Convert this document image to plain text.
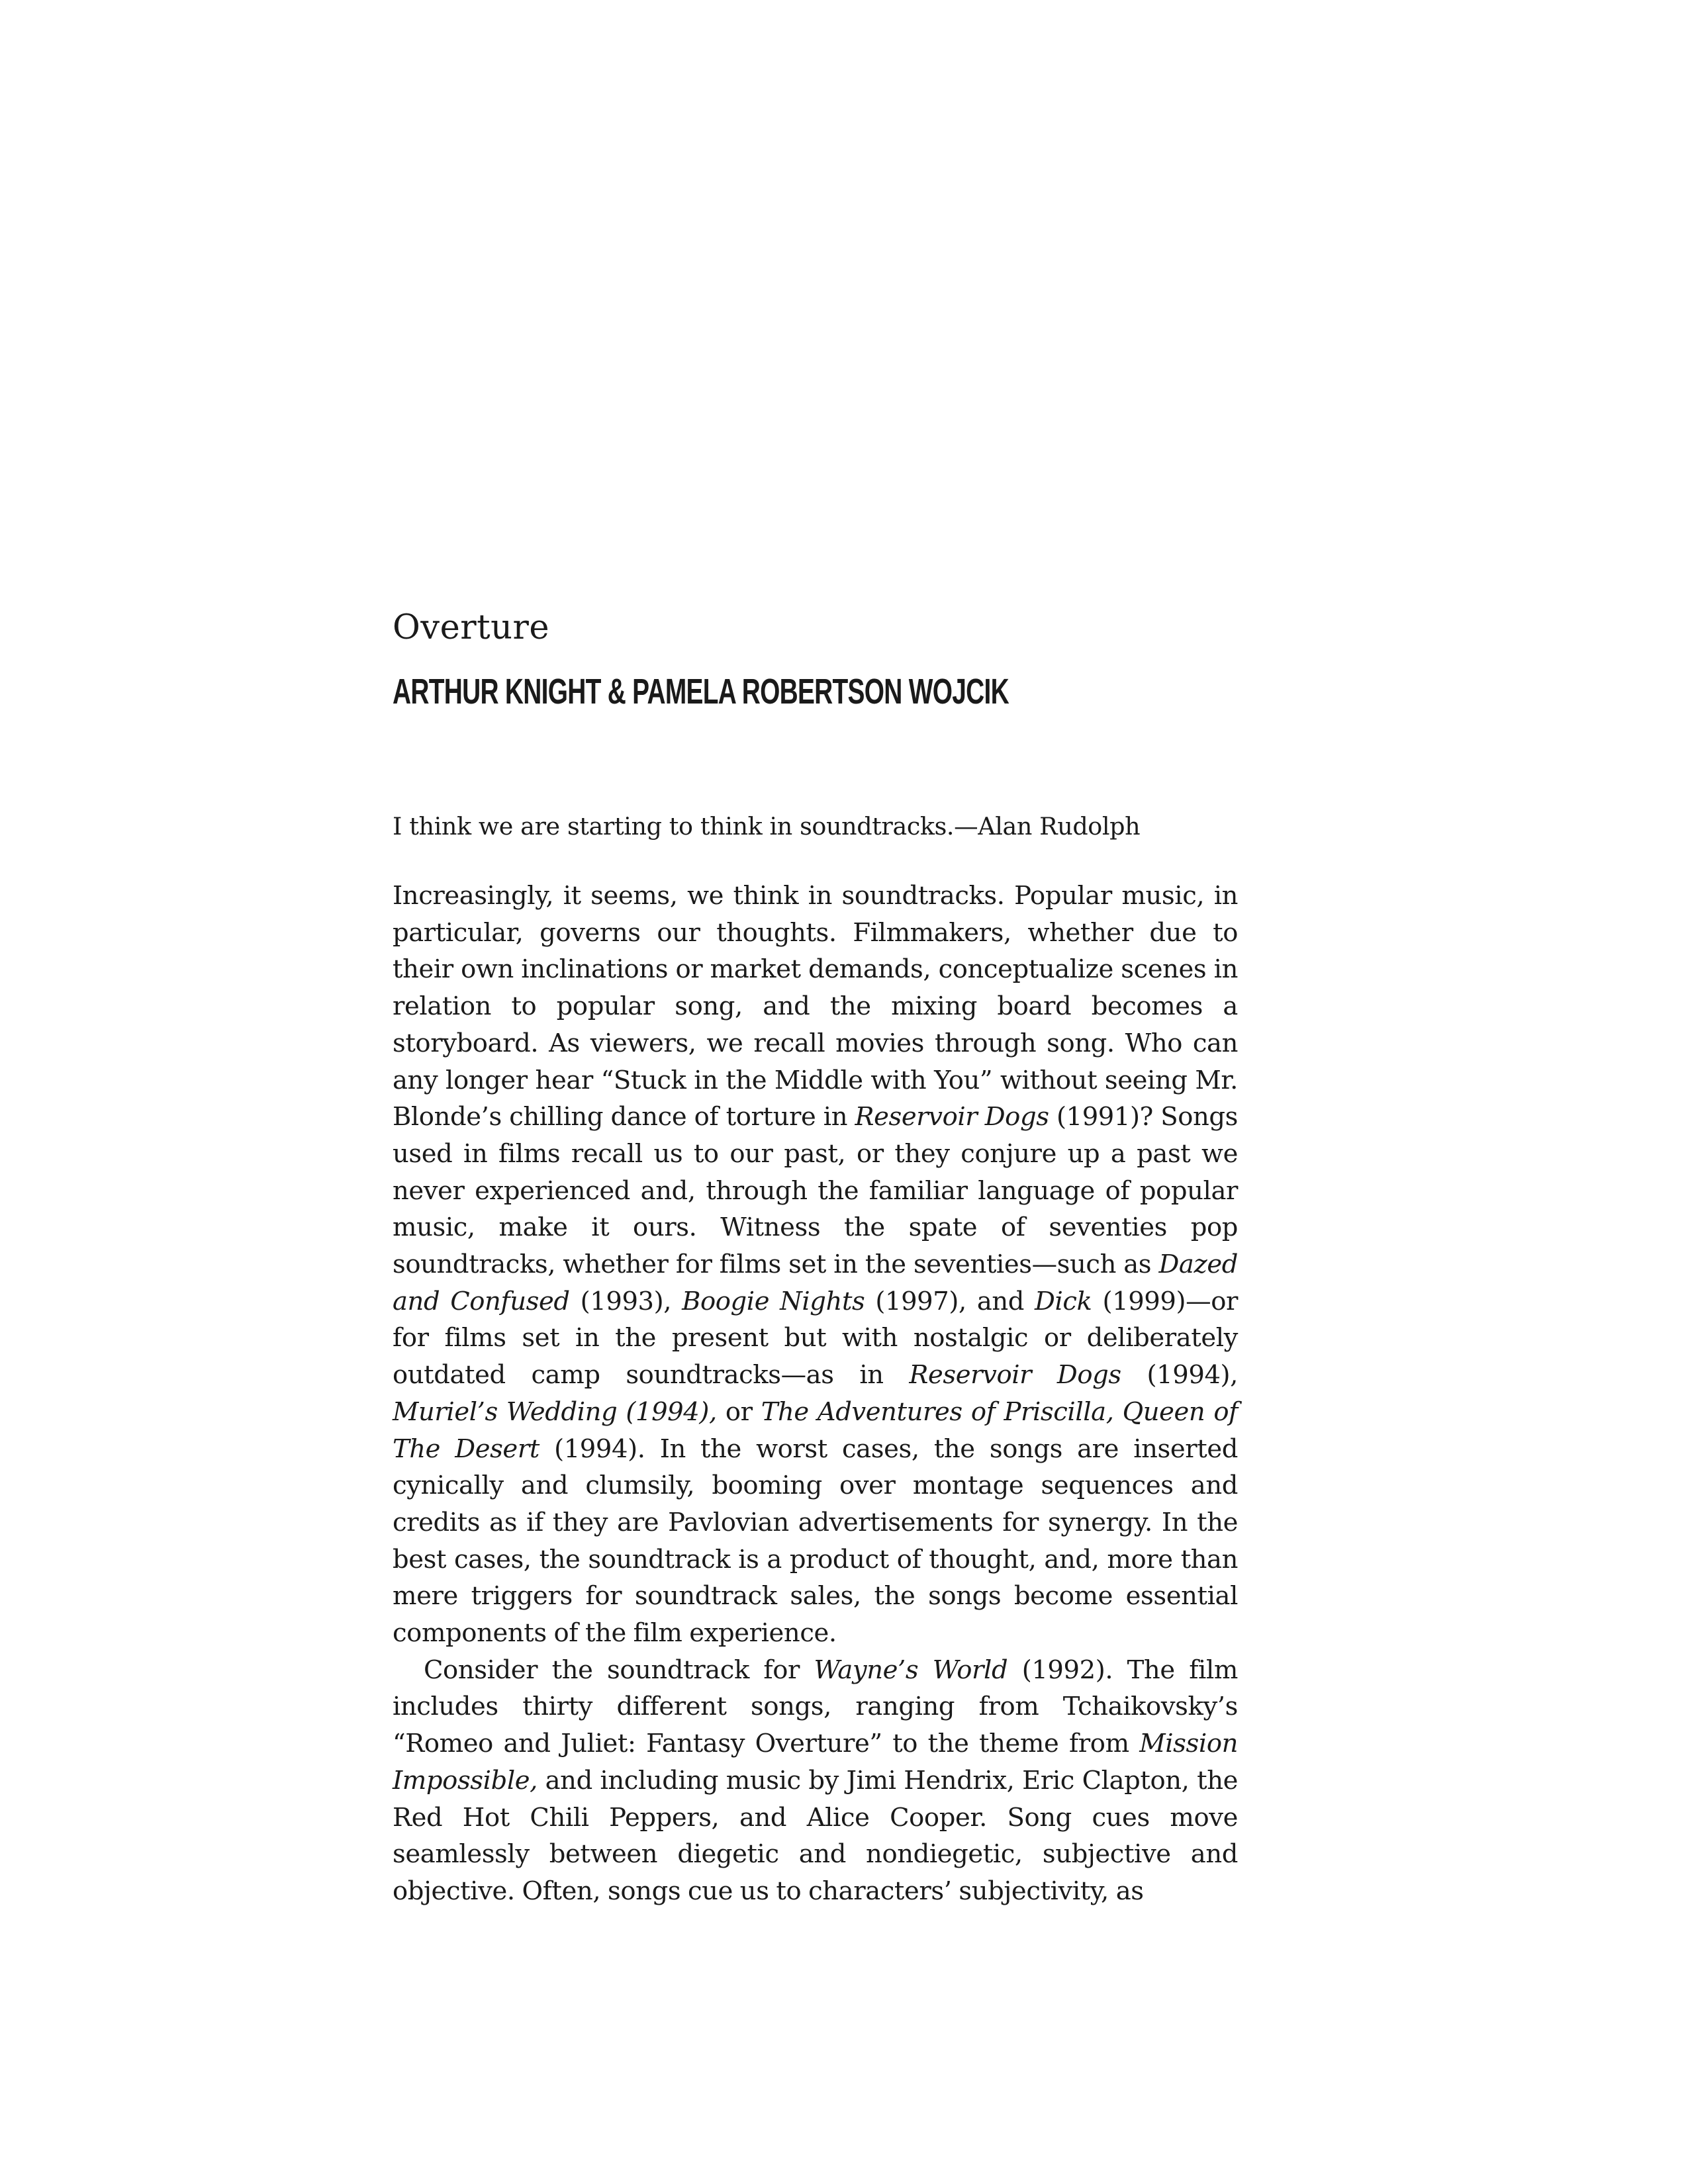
Overture
ARTHUR KNIGHT & PAMELA ROBERTSON WOJCIK
I think we are starting to think in soundtracks.—Alan Rudolph

Increasingly, it seems, we think in soundtracks. Popular music, in particular, governs our thoughts. Filmmakers, whether due to their own inclinations or market demands, conceptualize scenes in relation to popular song, and the mixing board becomes a storyboard. As viewers, we recall movies through song. Who can any longer hear “Stuck in the Middle with You” without seeing Mr. Blonde’s chilling dance of torture in Reservoir Dogs (1991)? Songs used in films recall us to our past, or they conjure up a past we never experienced and, through the familiar language of popular music, make it ours. Witness the spate of seventies pop soundtracks, whether for films set in the seventies—such as Dazed and Confused (1993), Boogie Nights (1997), and Dick (1999)—or for films set in the present but with nostalgic or deliberately outdated camp soundtracks—as in Reservoir Dogs (1994), Muriel’s Wedding (1994), or The Adventures of Priscilla, Queen of The Desert (1994). In the worst cases, the songs are inserted cynically and clumsily, booming over montage sequences and credits as if they are Pavlovian advertisements for synergy. In the best cases, the soundtrack is a product of thought, and, more than mere triggers for soundtrack sales, the songs become essential components of the film experience.

Consider the soundtrack for Wayne’s World (1992). The film includes thirty different songs, ranging from Tchaikovsky’s “Romeo and Juliet: Fantasy Overture” to the theme from Mission Impossible, and including music by Jimi Hendrix, Eric Clapton, the Red Hot Chili Peppers, and Alice Cooper. Song cues move seamlessly between diegetic and nondiegetic, subjective and objective. Often, songs cue us to characters’ subjectivity, as
